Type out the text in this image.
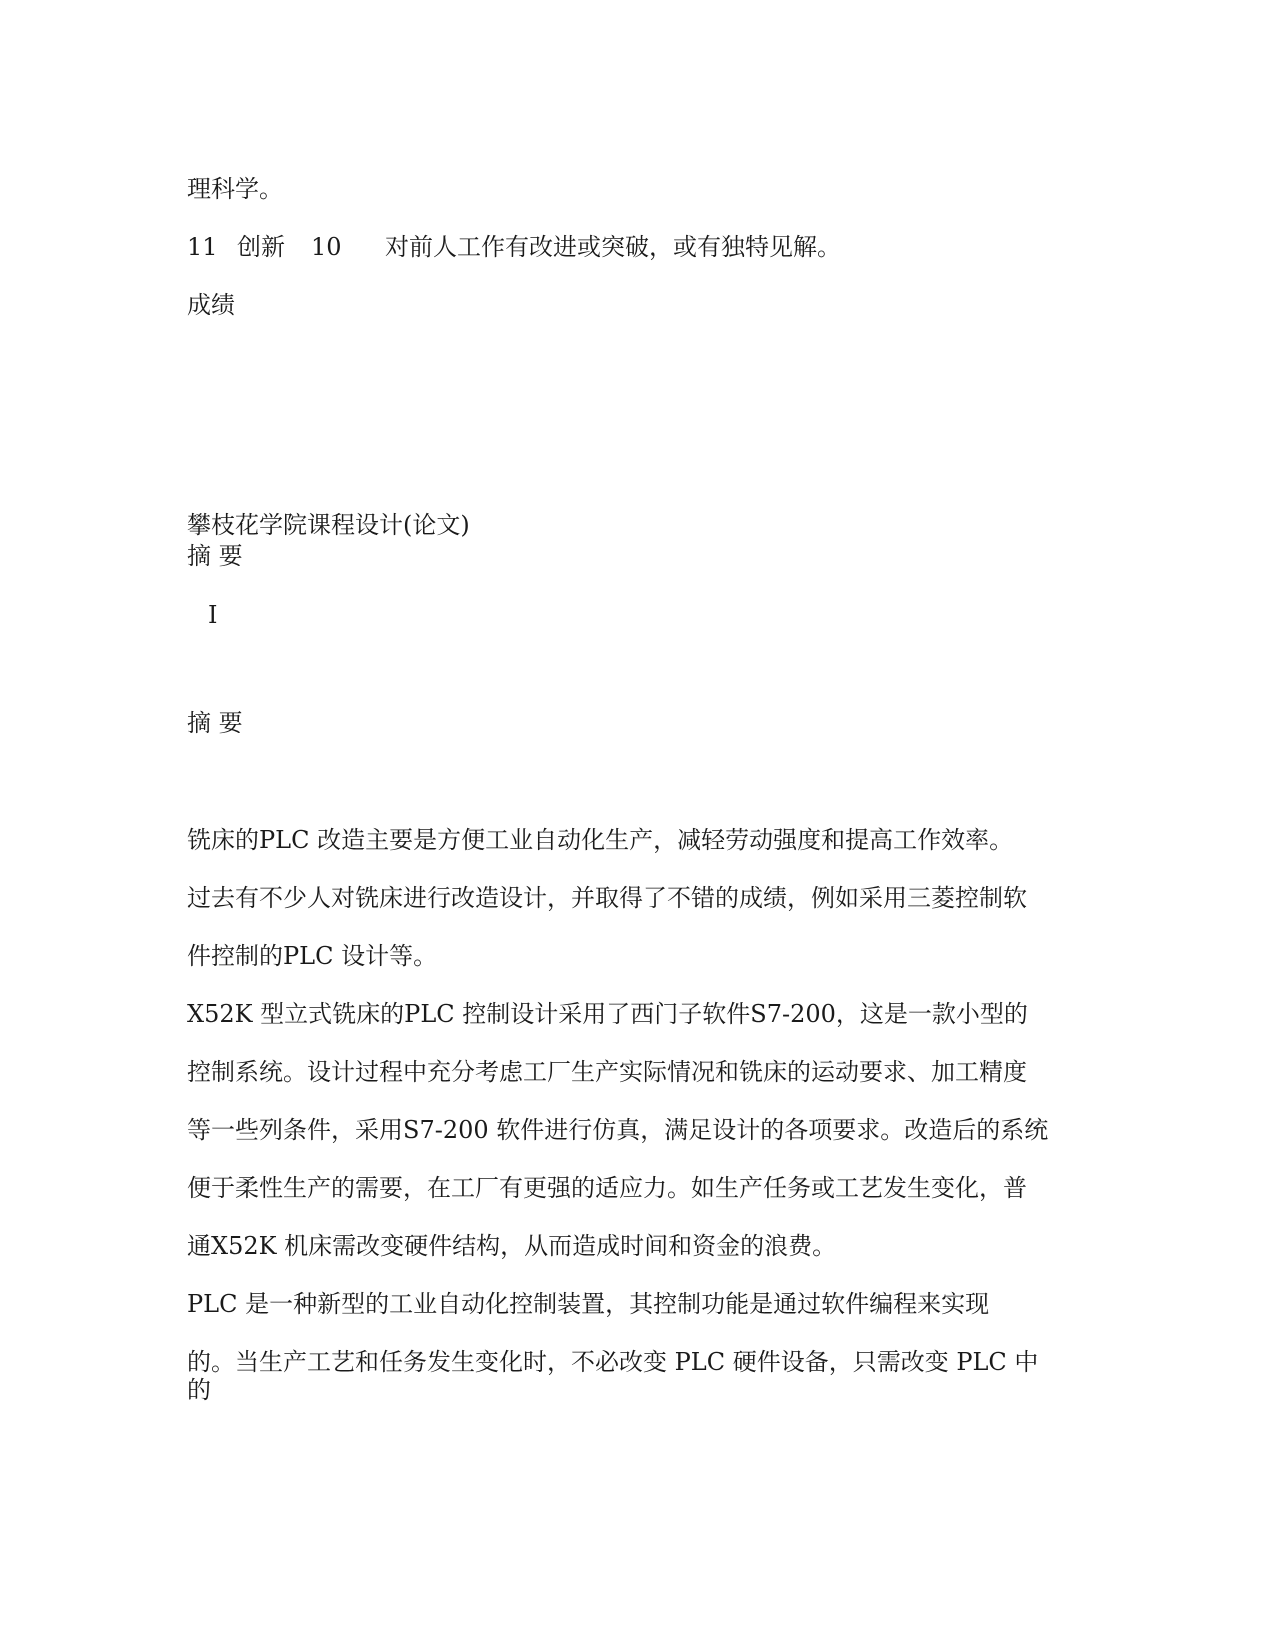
理科学。

11 创新 10 对前人工作有改进或突破，或有独特见解。

成绩

攀枝花学院课程设计(论文)

摘 要

I

摘 要

铣床的PLC 改造主要是方便工业自动化生产，减轻劳动强度和提高工作效率。

过去有不少人对铣床进行改造设计，并取得了不错的成绩，例如采用三菱控制软

件控制的PLC 设计等。

X52K 型立式铣床的PLC 控制设计采用了西门子软件S7-200，这是一款小型的

控制系统。设计过程中充分考虑工厂生产实际情况和铣床的运动要求、加工精度

等一些列条件，采用S7-200 软件进行仿真，满足设计的各项要求。改造后的系统

便于柔性生产的需要，在工厂有更强的适应力。如生产任务或工艺发生变化，普

通X52K 机床需改变硬件结构，从而造成时间和资金的浪费。

PLC 是一种新型的工业自动化控制装置，其控制功能是通过软件编程来实现

的。当生产工艺和任务发生变化时，不必改变 PLC 硬件设备，只需改变 PLC 中

的
